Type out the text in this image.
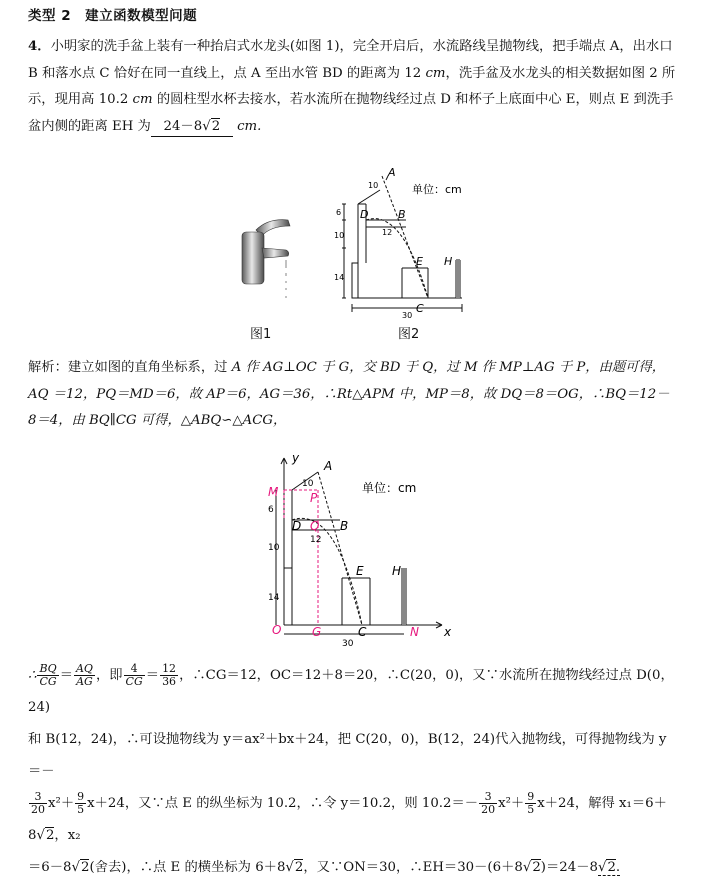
类型 2　建立函数模型问题

4．小明家的洗手盆上装有一种抬启式水龙头(如图 1)，完全开启后，水流路线呈抛物线，把手端点 A，出水口 B 和落水点 C 恰好在同一直线上，点 A 至出水管 BD 的距离为 12 cm，洗手盆及水龙头的相关数据如图 2 所示，现用高 10.2 cm 的圆柱型水杯去接水，若水流所在抛物线经过点 D 和杯子上底面中心 E，则点 E 到洗手盆内侧的距离 EH 为 24－8√2 cm.

图1
A
D	B
E H
C
10
6
12
10
14
30
单位：cm
图2

解析：建立如图的直角坐标系，过 A 作 AG⊥OC 于 G，交 BD 于 Q，过 M 作 MP⊥AG 于 P，由题可得，AQ ＝12，PQ＝MD＝6，故 AP＝6，AG＝36，∴Rt△APM 中，MP＝8，故 DQ＝8＝OG，∴BQ＝12－8＝4，由 BQ∥CG 可得，△ABQ∽△ACG，

y
x
A
M	P
D Q B
E H
O	G	C	N
10
6
12
10
14
30
单位：cm
∴ $\frac{BQ}{CG} = \frac{AQ}{AG}$ ，即 $\frac{4}{CG} = \frac{12}{36}$ ，∴CG＝12，OC＝12＋8＝20，∴C(20，0)，又∵水流所在抛物线经过点 D(0，24)
和 B(12，24)，∴可设抛物线为 y＝ax²＋bx＋24，把 C(20，0)，B(12，24)代入抛物线，可得抛物线为 y＝－

$\frac{3}{20} x^2+ \frac{9}{5} x+24$，又∵点 E 的纵坐标为 10.2，∴令 y＝10.2，则 $10.2=- \frac{3}{20} x^2+ \frac{9}{5} x+24$，解得 x₁＝6＋8√2，x₂
＝6－8√2(舍去)，∴点 E 的横坐标为 6＋8√2，又∵ON＝30，∴EH＝30－(6＋8√2)＝24－8√2.
